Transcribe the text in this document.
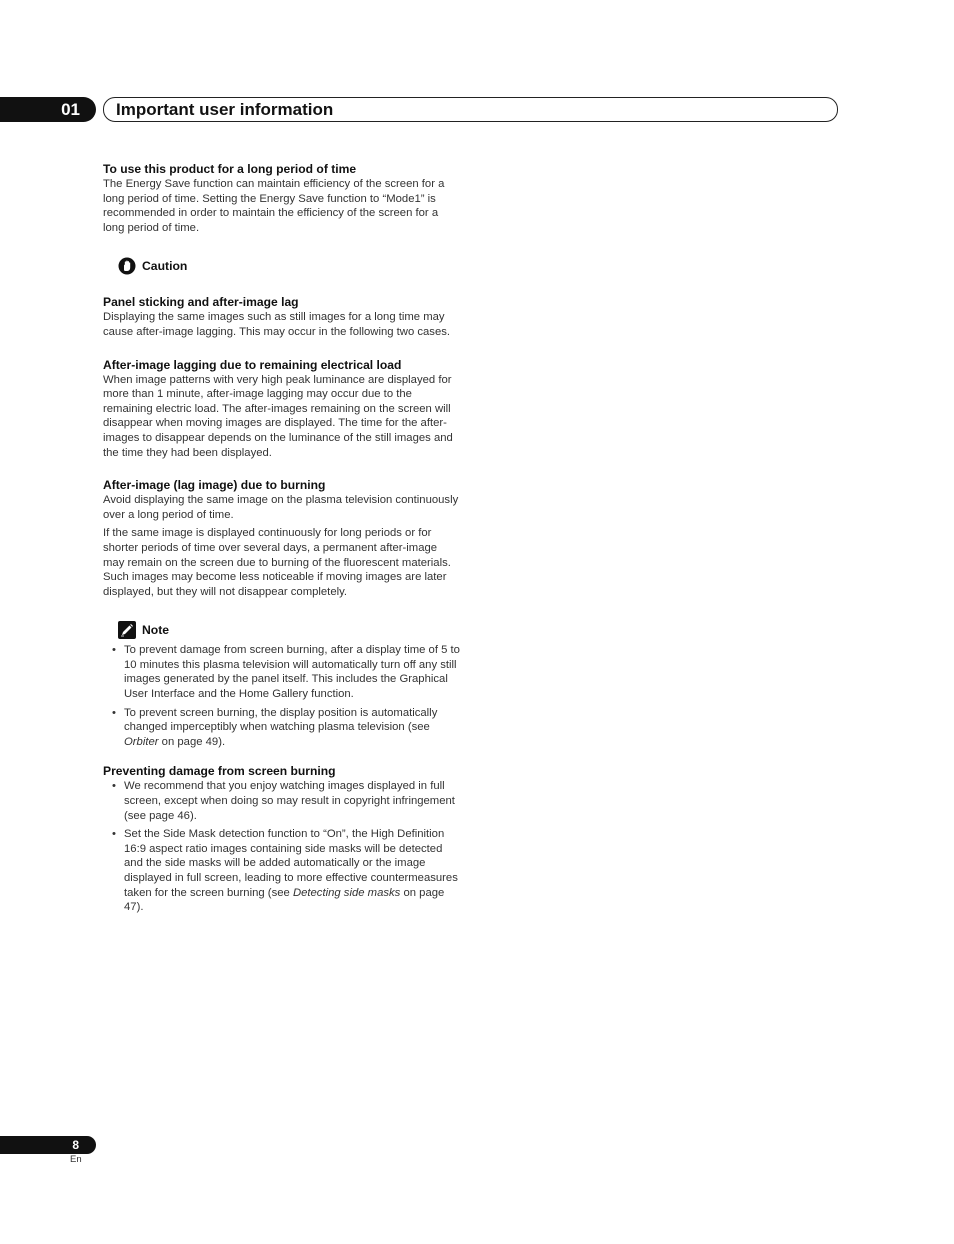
01 Important user information
To use this product for a long period of time

The Energy Save function can maintain efficiency of the screen for a long period of time. Setting the Energy Save function to “Mode1” is recommended in order to maintain the efficiency of the screen for a long period of time.

Caution
Panel sticking and after-image lag

Displaying the same images such as still images for a long time may cause after-image lagging. This may occur in the following two cases.

After-image lagging due to remaining electrical load

When image patterns with very high peak luminance are displayed for more than 1 minute, after-image lagging may occur due to the remaining electric load. The after-images remaining on the screen will disappear when moving images are displayed. The time for the after-images to disappear depends on the luminance of the still images and the time they had been displayed.

After-image (lag image) due to burning

Avoid displaying the same image on the plasma television continuously over a long period of time.

If the same image is displayed continuously for long periods or for shorter periods of time over several days, a permanent after-image may remain on the screen due to burning of the fluorescent materials. Such images may become less noticeable if moving images are later displayed, but they will not disappear completely.

Note
• To prevent damage from screen burning, after a display time of 5 to 10 minutes this plasma television will automatically turn off any still images generated by the panel itself. This includes the Graphical User Interface and the Home Gallery function.
• To prevent screen burning, the display position is automatically changed imperceptibly when watching plasma television (see Orbiter on page 49).
Preventing damage from screen burning
• We recommend that you enjoy watching images displayed in full screen, except when doing so may result in copyright infringement (see page 46).
• Set the Side Mask detection function to “On”, the High Definition 16:9 aspect ratio images containing side masks will be detected and the side masks will be added automatically or the image displayed in full screen, leading to more effective countermeasures taken for the screen burning (see Detecting side masks on page 47).
8
En
